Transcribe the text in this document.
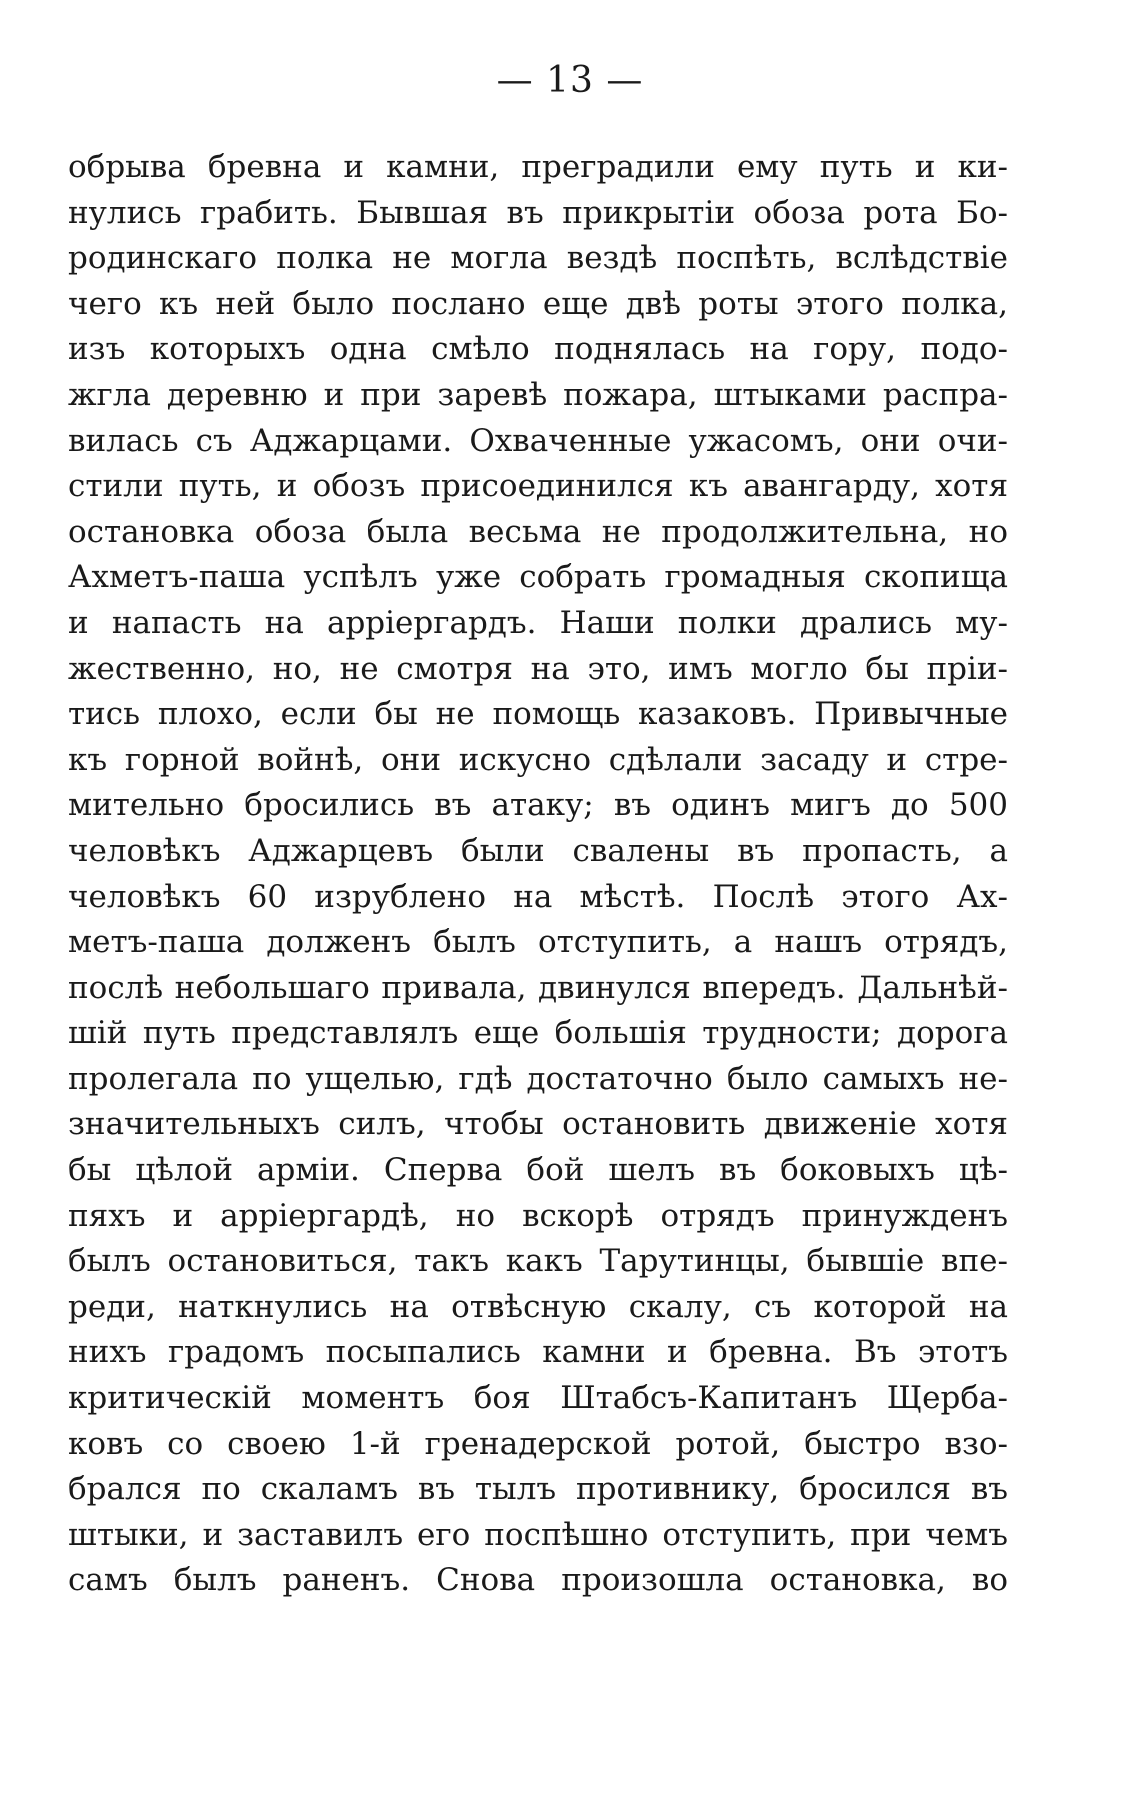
— 13 —
обрыва бревна и камни, преградили ему путь и ки-
нулись грабить. Бывшая въ прикрытіи обоза рота Бо-
родинскаго полка не могла вездѣ поспѣть, вслѣдствіе
чего къ ней было послано еще двѣ роты этого полка,
изъ которыхъ одна смѣло поднялась на гору, подо-
жгла деревню и при заревѣ пожара, штыками распра-
вилась съ Аджарцами. Охваченные ужасомъ, они очи-
стили путь, и обозъ присоединился къ авангарду, хотя
остановка обоза была весьма не продолжительна, но
Ахметъ-паша успѣлъ уже собрать громадныя скопища
и напасть на арріергардъ. Наши полки дрались му-
жественно, но, не смотря на это, имъ могло бы пріи-
тись плохо, если бы не помощь казаковъ. Привычные
къ горной войнѣ, они искусно сдѣлали засаду и стре-
мительно бросились въ атаку; въ одинъ мигъ до 500
человѣкъ Аджарцевъ были свалены въ пропасть, а
человѣкъ 60 изрублено на мѣстѣ. Послѣ этого Ах-
метъ-паша долженъ былъ отступить, а нашъ отрядъ,
послѣ небольшаго привала, двинулся впередъ. Дальнѣй-
шій путь представлялъ еще большія трудности; дорога
пролегала по ущелью, гдѣ достаточно было самыхъ не-
значительныхъ силъ, чтобы остановить движеніе хотя
бы цѣлой арміи. Сперва бой шелъ въ боковыхъ цѣ-
пяхъ и арріергардѣ, но вскорѣ отрядъ принужденъ
былъ остановиться, такъ какъ Тарутинцы, бывшіе впе-
реди, наткнулись на отвѣсную скалу, съ которой на
нихъ градомъ посыпались камни и бревна. Въ этотъ
критическій моментъ боя Штабсъ-Капитанъ Щерба-
ковъ со своею 1-й гренадерской ротой, быстро взо-
брался по скаламъ въ тылъ противнику, бросился въ
штыки, и заставилъ его поспѣшно отступить, при чемъ
самъ былъ раненъ. Снова произошла остановка, во
